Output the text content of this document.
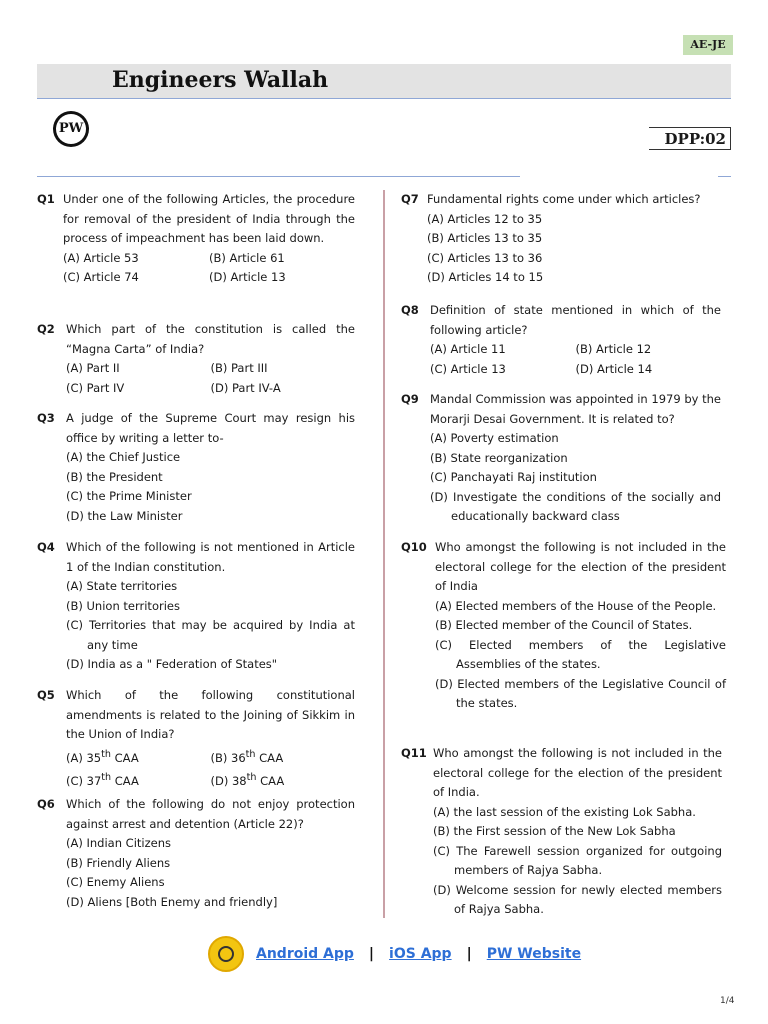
AE-JE
Engineers Wallah
PW
DPP:02
Q1 Under one of the following Articles, the procedure for removal of the president of India through the process of impeachment has been laid down.
(A) Article 53	(B) Article 61
(C) Article 74	(D) Article 13
Q2 Which part of the constitution is called the “Magna Carta” of India?
(A) Part II	(B) Part III
(C) Part IV	(D) Part IV-A
Q3 A judge of the Supreme Court may resign his office by writing a letter to-
(A) the Chief Justice
(B) the President
(C) the Prime Minister
(D) the Law Minister
Q4 Which of the following is not mentioned in Article 1 of the Indian constitution.
(A) State territories
(B) Union territories
(C) Territories that may be acquired by India at any time
(D) India as a " Federation of States"
Q5 Which of the following constitutional amendments is related to the Joining of Sikkim in the Union of India?
(A) 35th CAA	(B) 36th CAA
(C) 37th CAA	(D) 38th CAA
Q6 Which of the following do not enjoy protection against arrest and detention (Article 22)?
(A) Indian Citizens
(B) Friendly Aliens
(C) Enemy Aliens
(D) Aliens [Both Enemy and friendly]
Q7 Fundamental rights come under which articles?
(A) Articles 12 to 35
(B) Articles 13 to 35
(C) Articles 13 to 36
(D) Articles 14 to 15
Q8 Definition of state mentioned in which of the following article?
(A) Article 11	(B) Article 12
(C) Article 13	(D) Article 14
Q9 Mandal Commission was appointed in 1979 by the Morarji Desai Government. It is related to?
(A) Poverty estimation
(B) State reorganization
(C) Panchayati Raj institution
(D) Investigate the conditions of the socially and educationally backward class
Q10 Who amongst the following is not included in the electoral college for the election of the president of India
(A) Elected members of the House of the People.
(B) Elected member of the Council of States.
(C) Elected members of the Legislative Assemblies of the states.
(D) Elected members of the Legislative Council of the states.
Q11 Who amongst the following is not included in the electoral college for the election of the president of India.
(A) the last session of the existing Lok Sabha.
(B) the First session of the New Lok Sabha
(C) The Farewell session organized for outgoing members of Rajya Sabha.
(D) Welcome session for newly elected members of Rajya Sabha.
Android App | iOS App | PW Website
1/4
